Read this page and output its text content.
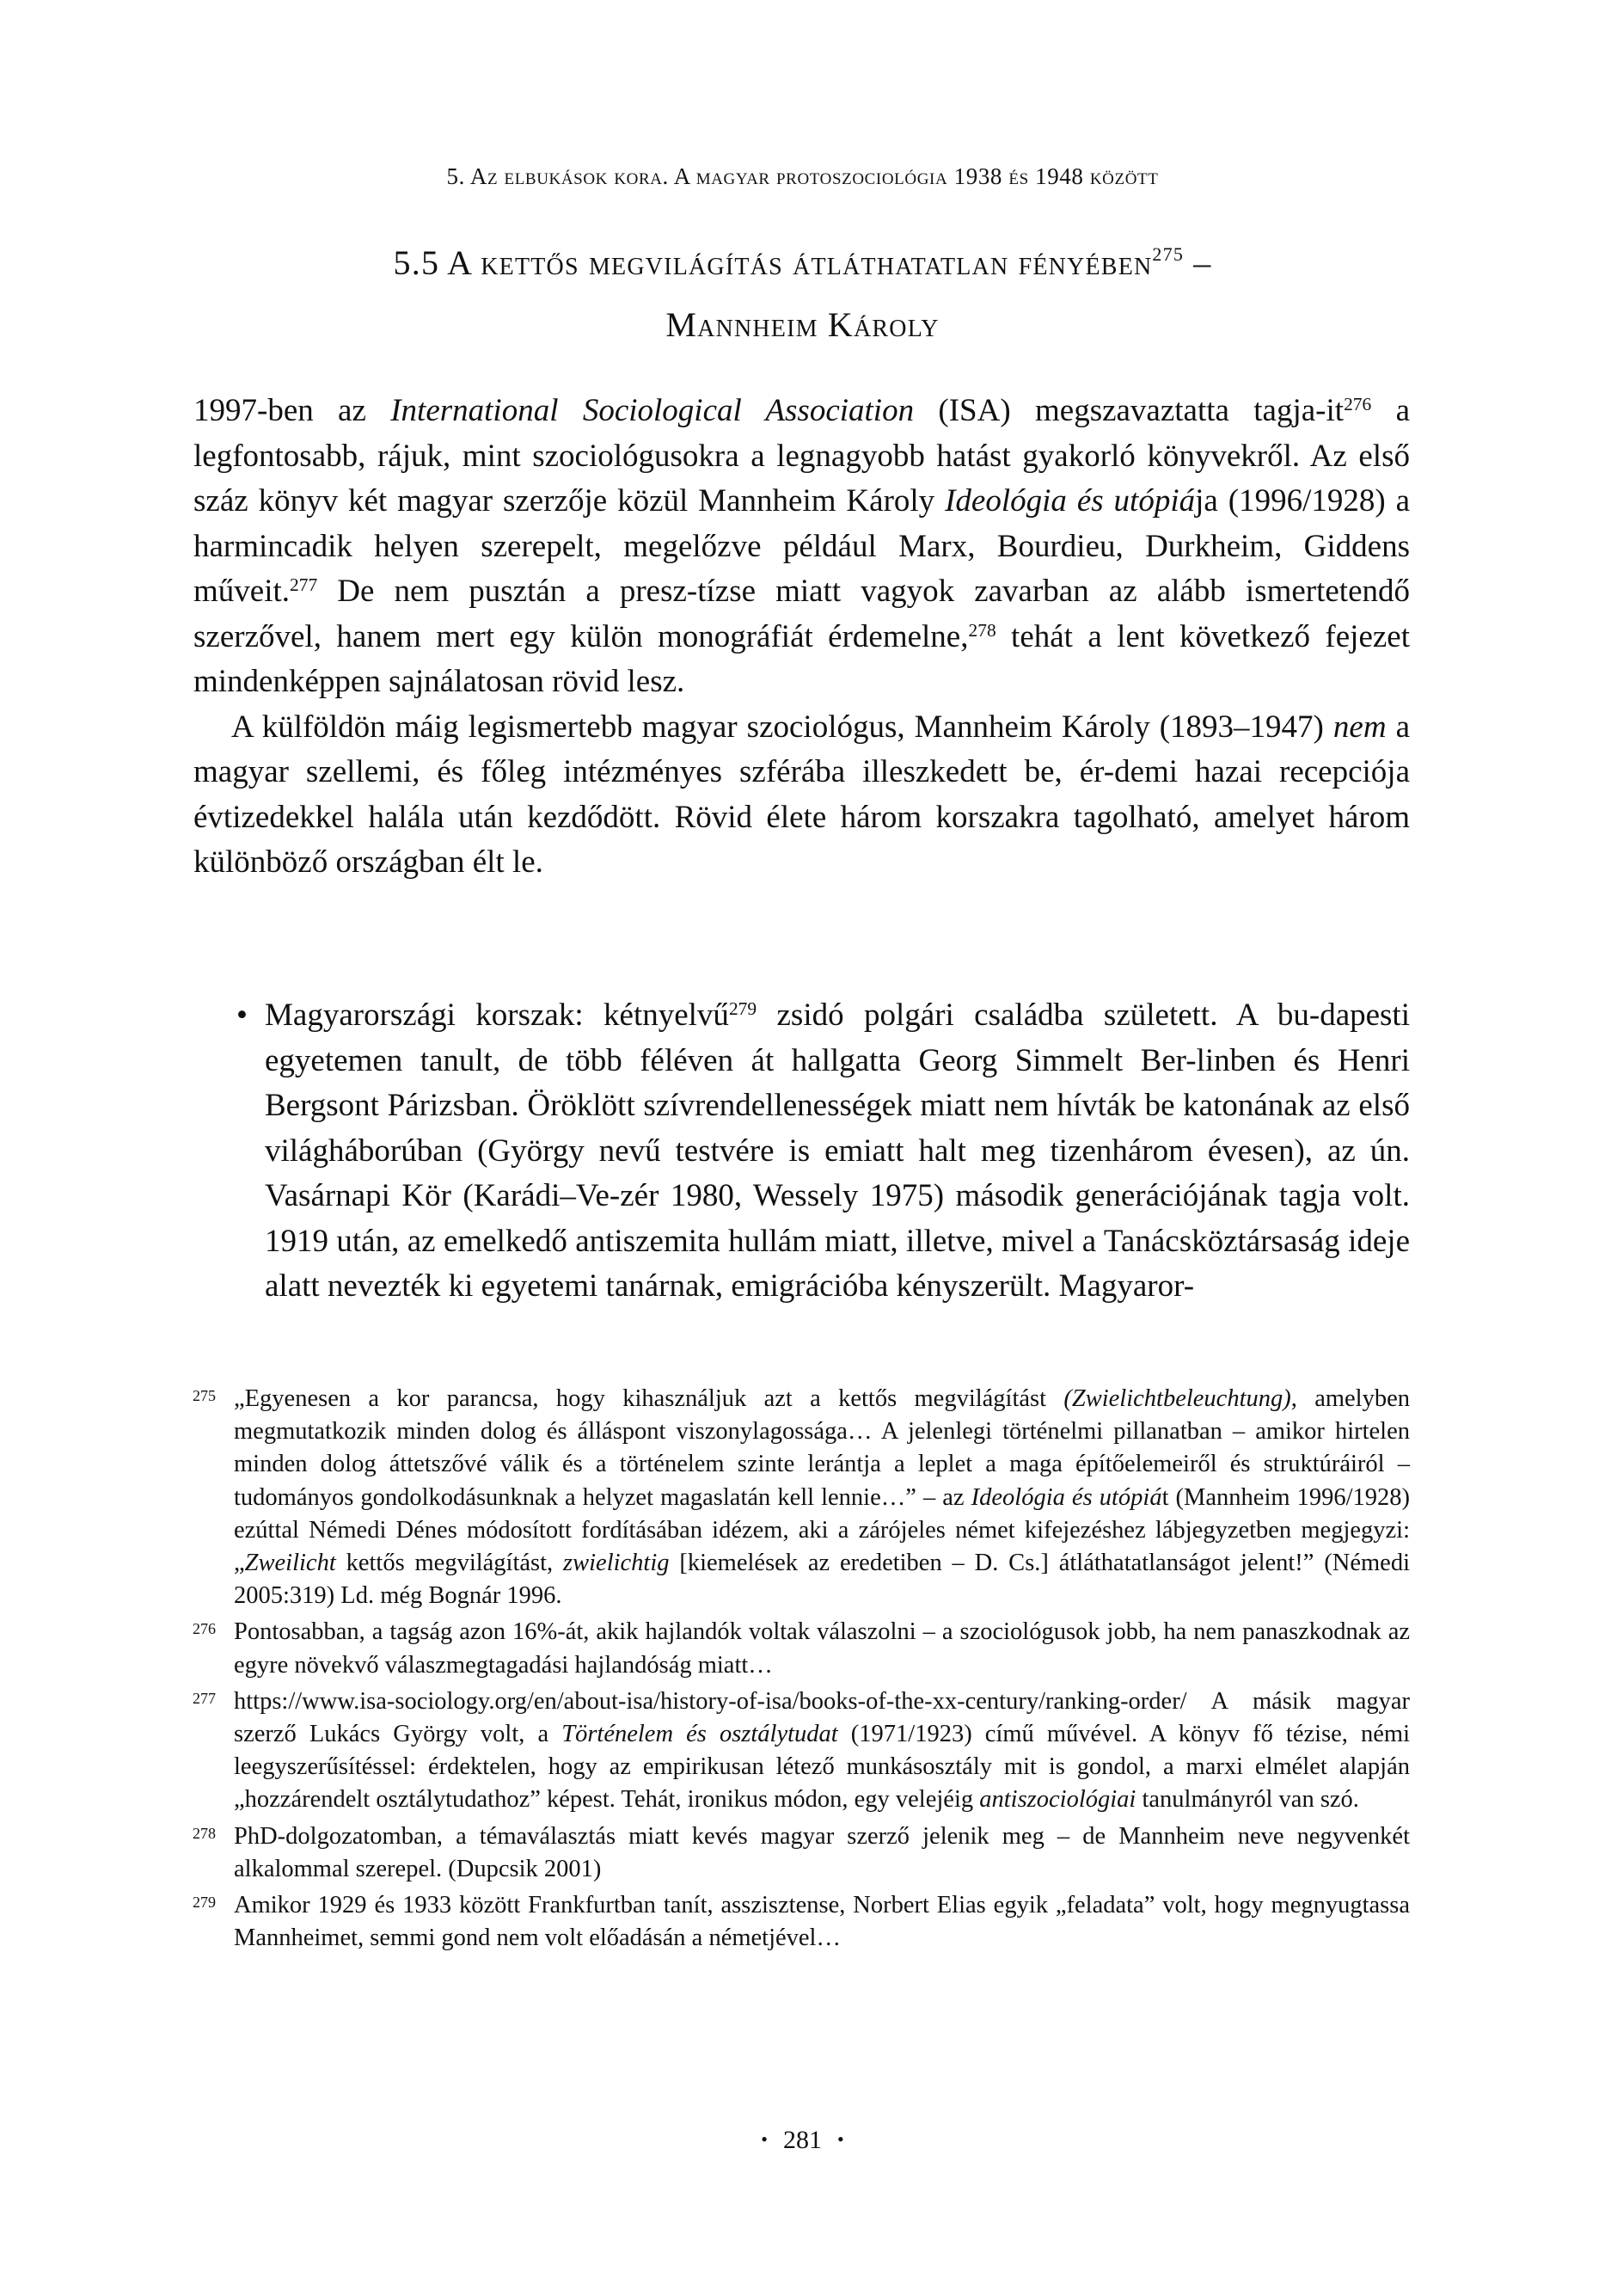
5. Az elbukások kora. A magyar protoszociológia 1938 és 1948 között
5.5 A kettős megvilágítás átláthatatlan fényében$^{275}$ –
Mannheim Károly

1997-ben az International Sociological Association (ISA) megszavaztatta tagja-$it^{276}$ a legfontosabb, rájuk, mint szociológusokra a legnagyobb hatást gyakorló könyvekről. Az első száz könyv két magyar szerzője közül Mannheim Károly Ideológia és utópiája (1996/1928) a harmincadik helyen szerepelt, megelőzve például Marx, Bourdieu, Durkheim, Giddens műveit.$^{277}$ De nem pusztán a presz-tízse miatt vagyok zavarban az alább ismertetendő szerzővel, hanem mert egy külön monográfiát érdemelne,$^{278}$ tehát a lent következő fejezet mindenképpen sajnálatosan rövid lesz.

A külföldön máig legismertebb magyar szociológus, Mannheim Károly (1893–1947) nem a magyar szellemi, és főleg intézményes szférába illeszkedett be, ér-demi hazai recepciója évtizedekkel halála után kezdődött. Rövid élete három korszakra tagolható, amelyet három különböző országban élt le.

• Magyarországi korszak: kétnyelvű$^{279}$ zsidó polgári családba született. A bu-dapesti egyetemen tanult, de több féléven át hallgatta Georg Simmelt Ber-linben és Henri Bergsont Párizsban. Öröklött szívrendellenességek miatt nem hívták be katonának az első világháborúban (György nevű testvére is emiatt halt meg tizenhárom évesen), az ún. Vasárnapi Kör (Karádi–Ve-zér 1980, Wessely 1975) második generációjának tagja volt. 1919 után, az emelkedő antiszemita hullám miatt, illetve, mivel a Tanácsköztársaság ideje alatt nevezték ki egyetemi tanárnak, emigrációba kényszerült. Magyaror-
275 „Egyenesen a kor parancsa, hogy kihasználjuk azt a kettős megvilágítást (Zwielichtbeleuchtung), amelyben megmutatkozik minden dolog és álláspont viszonylagossága… A jelenlegi történelmi pillanatban – amikor hirtelen minden dolog áttetszővé válik és a történelem szinte lerántja a leplet a maga építőelemeiről és struktúráiról – tudományos gondolkodásunknak a helyzet magaslatán kell lennie…” – az Ideológia és utópiát (Mannheim 1996/1928) ezúttal Némedi Dénes módosított fordításában idézem, aki a zárójeles német kifejezéshez lábjegyzetben megjegyzi: „Zweilicht kettős megvilágítást, zwielichtig [kiemelések az eredetiben – D. Cs.] átláthatatlanságot jelent!” (Némedi 2005:319) Ld. még Bognár 1996.
276 Pontosabban, a tagság azon 16%-át, akik hajlandók voltak válaszolni – a szociológusok jobb, ha nem panaszkodnak az egyre növekvő válaszmegtagadási hajlandóság miatt…
277 https://www.isa-sociology.org/en/about-isa/history-of-isa/books-of-the-xx-century/ranking-order/ A másik magyar szerző Lukács György volt, a Történelem és osztálytudat (1971/1923) című művével. A könyv fő tézise, némi leegyszerűsítéssel: érdektelen, hogy az empirikusan létező munkásosztály mit is gondol, a marxi elmélet alapján „hozzárendelt osztálytudathoz” képest. Tehát, ironikus módon, egy velejéig antiszociológiai tanulmányról van szó.
278 PhD-dolgozatomban, a témaválasztás miatt kevés magyar szerző jelenik meg – de Mannheim neve negyvenkét alkalommal szerepel. (Dupcsik 2001)
279 Amikor 1929 és 1933 között Frankfurtban tanít, asszisztense, Norbert Elias egyik „feladata” volt, hogy megnyugtassa Mannheimet, semmi gond nem volt előadásán a németjével…
• 281 •
